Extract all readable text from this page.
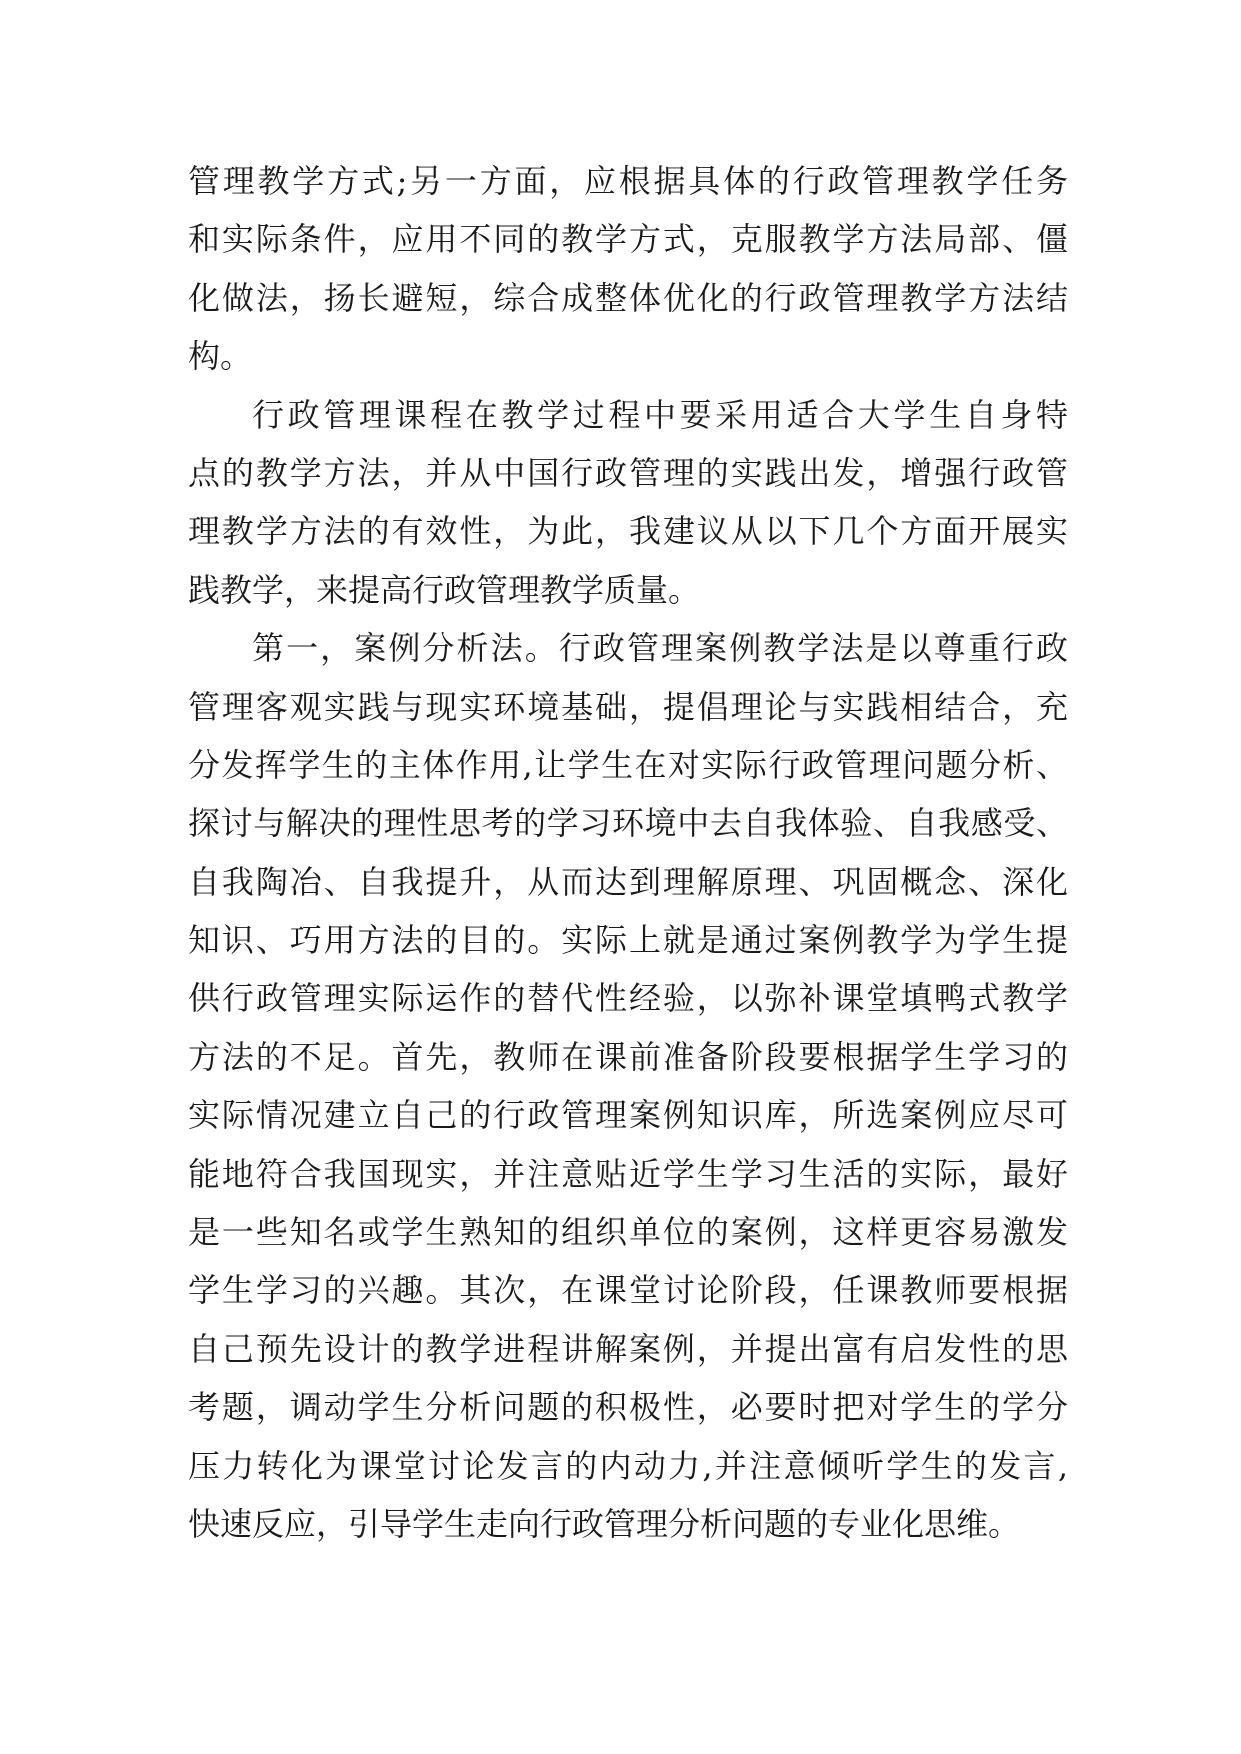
管理教学方式;另一方面，应根据具体的行政管理教学任务
和实际条件，应用不同的教学方式，克服教学方法局部、僵
化做法，扬长避短，综合成整体优化的行政管理教学方法结
构。
行政管理课程在教学过程中要采用适合大学生自身特
点的教学方法，并从中国行政管理的实践出发，增强行政管
理教学方法的有效性，为此，我建议从以下几个方面开展实
践教学，来提高行政管理教学质量。
第一，案例分析法。行政管理案例教学法是以尊重行政
管理客观实践与现实环境基础，提倡理论与实践相结合，充
分发挥学生的主体作用,让学生在对实际行政管理问题分析、
探讨与解决的理性思考的学习环境中去自我体验、自我感受、
自我陶冶、自我提升，从而达到理解原理、巩固概念、深化
知识、巧用方法的目的。实际上就是通过案例教学为学生提
供行政管理实际运作的替代性经验，以弥补课堂填鸭式教学
方法的不足。首先，教师在课前准备阶段要根据学生学习的
实际情况建立自己的行政管理案例知识库，所选案例应尽可
能地符合我国现实，并注意贴近学生学习生活的实际，最好
是一些知名或学生熟知的组织单位的案例，这样更容易激发
学生学习的兴趣。其次，在课堂讨论阶段，任课教师要根据
自己预先设计的教学进程讲解案例，并提出富有启发性的思
考题，调动学生分析问题的积极性，必要时把对学生的学分
压力转化为课堂讨论发言的内动力,并注意倾听学生的发言,
快速反应，引导学生走向行政管理分析问题的专业化思维。
